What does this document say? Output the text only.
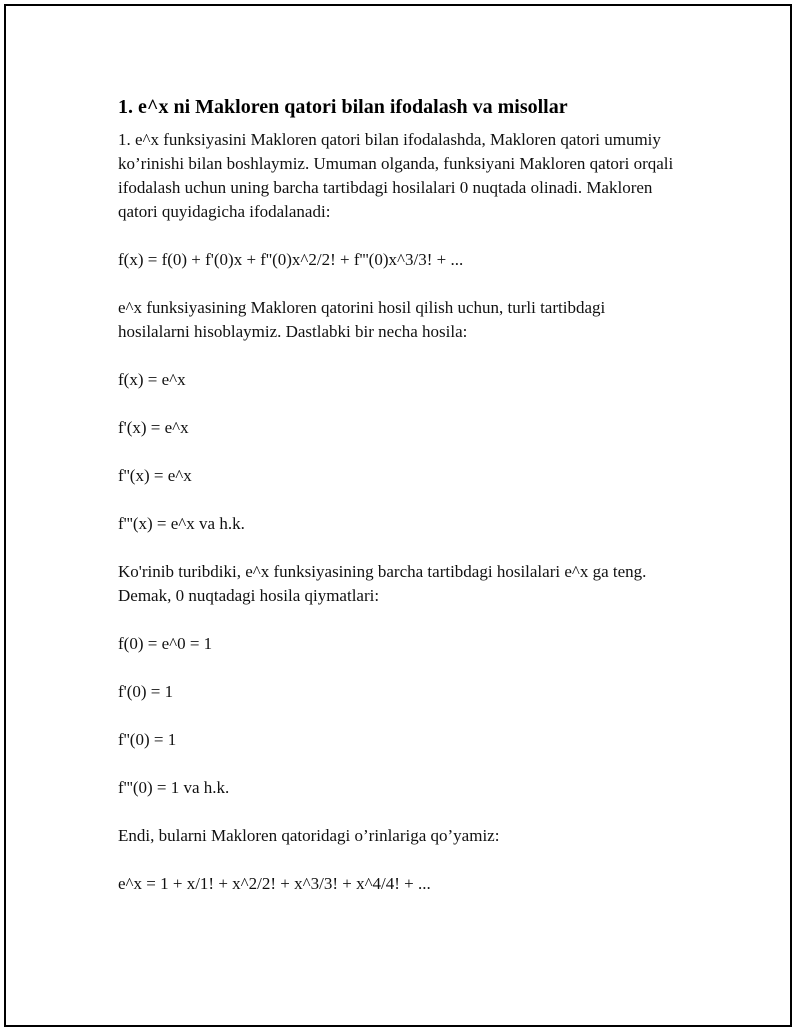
1. e^x ni Makloren qatori bilan ifodalash va misollar

1. e^x funksiyasini Makloren qatori bilan ifodalashda, Makloren qatori umumiy ko’rinishi bilan boshlaymiz. Umuman olganda, funksiyani Makloren qatori orqali ifodalash uchun uning barcha tartibdagi hosilalari 0 nuqtada olinadi. Makloren qatori quyidagicha ifodalanadi:

f(x) = f(0) + f'(0)x + f''(0)x^2/2! + f'''(0)x^3/3! + ...

e^x funksiyasining Makloren qatorini hosil qilish uchun, turli tartibdagi hosilalarni hisoblaymiz. Dastlabki bir necha hosila:

f(x) = e^x

f'(x) = e^x

f''(x) = e^x

f'''(x) = e^x va h.k.

Ko'rinib turibdiki, e^x funksiyasining barcha tartibdagi hosilalari e^x ga teng. Demak, 0 nuqtadagi hosila qiymatlari:

f(0) = e^0 = 1

f'(0) = 1

f''(0) = 1

f'''(0) = 1 va h.k.

Endi, bularni Makloren qatoridagi o’rinlariga qo’yamiz:

e^x = 1 + x/1! + x^2/2! + x^3/3! + x^4/4! + ...
